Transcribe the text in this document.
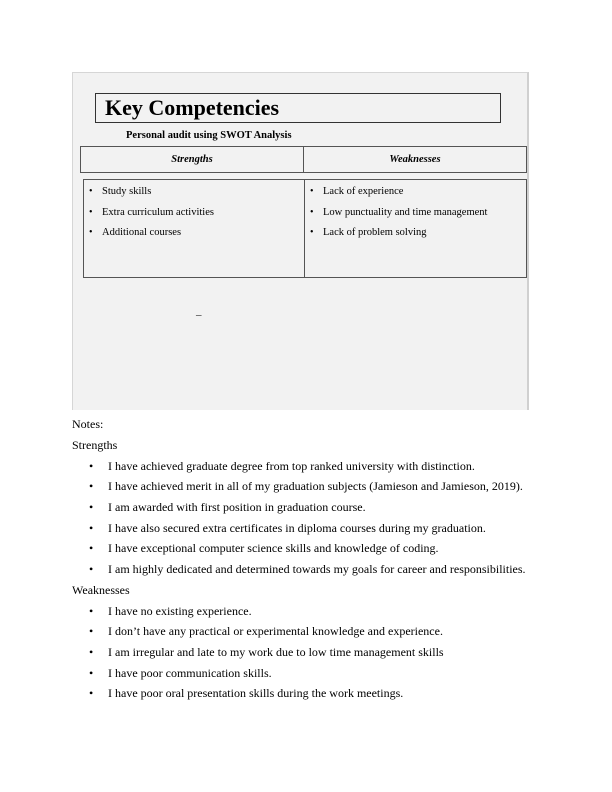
Key Competencies
Personal audit using SWOT Analysis
Strengths	Weaknesses
• Study skills
• Extra curriculum activities
• Additional courses
• Lack of experience
• Low punctuality and time management
• Lack of problem solving
–
Notes:
Strengths
• I have achieved graduate degree from top ranked university with distinction.
• I have achieved merit in all of my graduation subjects (Jamieson and Jamieson, 2019).
• I am awarded with first position in graduation course.
• I have also secured extra certificates in diploma courses during my graduation.
• I have exceptional computer science skills and knowledge of coding.
• I am highly dedicated and determined towards my goals for career and responsibilities.
Weaknesses
• I have no existing experience.
• I don’t have any practical or experimental knowledge and experience.
• I am irregular and late to my work due to low time management skills
• I have poor communication skills.
• I have poor oral presentation skills during the work meetings.
